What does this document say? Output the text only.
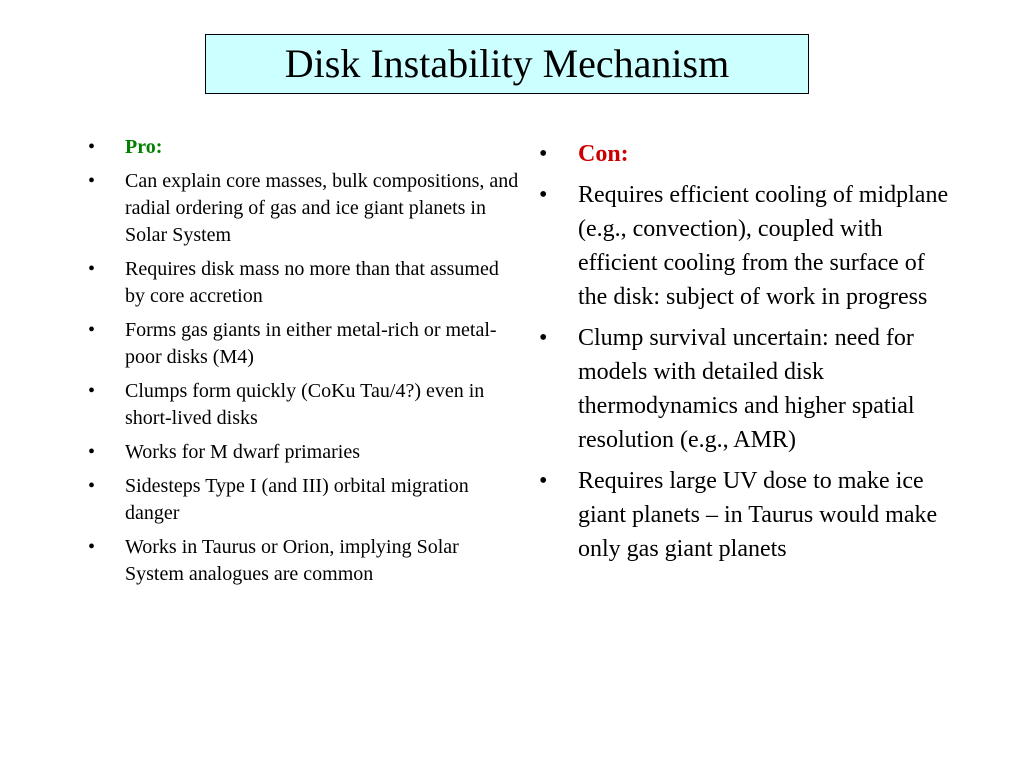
Disk Instability Mechanism
•	Pro:
•	Can explain core masses, bulk compositions, and radial ordering of gas and ice giant planets in Solar System
•	Requires disk mass no more than that assumed by core accretion
•	Forms gas giants in either metal-rich or metal-poor disks (M4)
•	Clumps form quickly (CoKu Tau/4?) even in short-lived disks
•	Works for M dwarf primaries
•	Sidesteps Type I (and III) orbital migration danger
•	Works in Taurus or Orion, implying Solar System analogues are common
•	Con:
•	Requires efficient cooling of midplane (e.g., convection), coupled with efficient cooling from the surface of the disk: subject of work in progress
•	Clump survival uncertain: need for models with detailed disk thermodynamics and higher spatial resolution (e.g., AMR)
•	Requires large UV dose to make ice giant planets – in Taurus would make only gas giant planets
